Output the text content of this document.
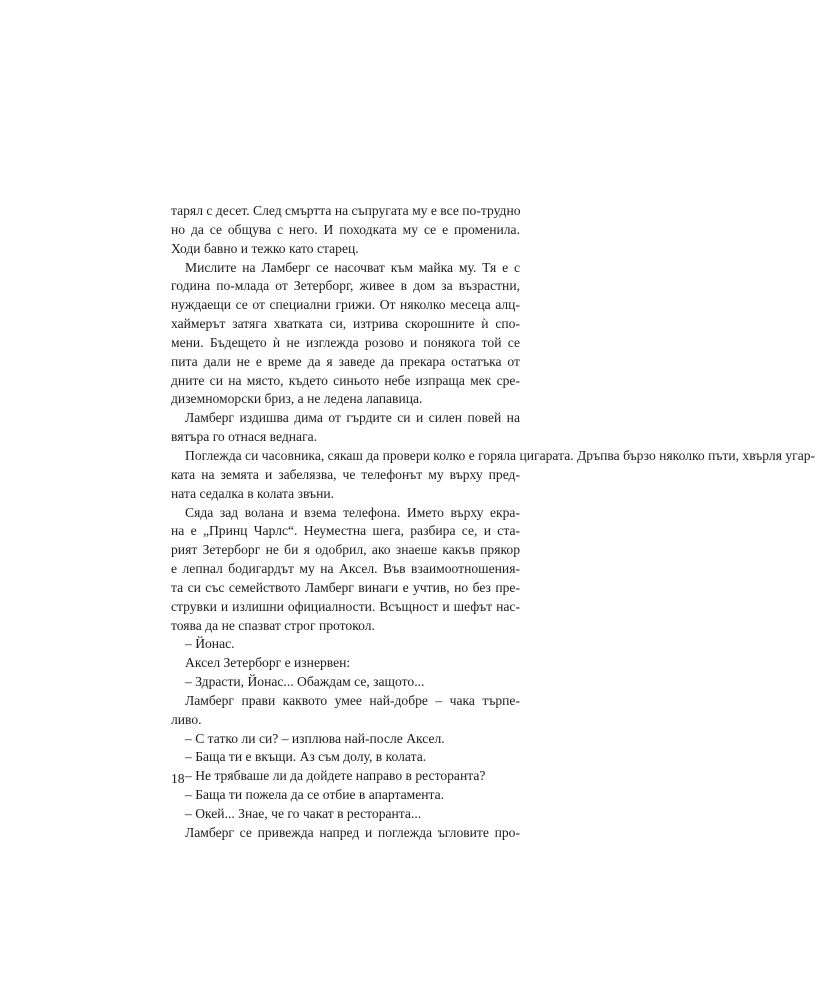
тарял с десет. След смъртта на съпругата му е все по-трудно
но да се общува с него. И походката му се е променила.
Ходи бавно и тежко като старец.
Мислите на Ламберг се насочват към майка му. Тя е с
година по-млада от Зетерборг, живее в дом за възрастни,
нуждаещи се от специални грижи. От няколко месеца алц-
хаймерът затяга хватката си, изтрива скорошните ѝ спо-
мени. Бъдещето ѝ не изглежда розово и понякога той се
пита дали не е време да я заведе да прекара остатъка от
дните си на място, където синьото небе изпраща мек сре-
диземноморски бриз, а не ледена лапавица.
Ламберг издишва дима от гърдите си и силен повей на
вятъра го отнася веднага.
Поглежда си часовника, сякаш да провери колко е горяла цигарата. Дръпва бързо няколко пъти, хвърля угар-
ката на земята и забелязва, че телефонът му върху пред-
ната седалка в колата звъни.
Сяда зад волана и взема телефона. Името върху екра-
на е „Принц Чарлс“. Неуместна шега, разбира се, и ста-
рият Зетерборг не би я одобрил, ако знаеше какъв прякор
е лепнал бодигардът му на Аксел. Във взаимоотношения-
та си със семейството Ламберг винаги е учтив, но без пре-
струвки и излишни официалности. Всъщност и шефът нас-
тоява да не спазват строг протокол.
– Йонас.
Аксел Зетерборг е изнервен:
– Здрасти, Йонас... Обаждам се, защото...
Ламберг прави каквото умее най-добре – чака търпе-
ливо.
– С татко ли си? – изплюва най-после Аксел.
– Баща ти е вкъщи. Аз съм долу, в колата.
– Не трябваше ли да дойдете направо в ресторанта?
– Баща ти пожела да се отбие в апартамента.
– Окей... Знае, че го чакат в ресторанта...
Ламберг се привежда напред и поглежда ъгловите про-
18
